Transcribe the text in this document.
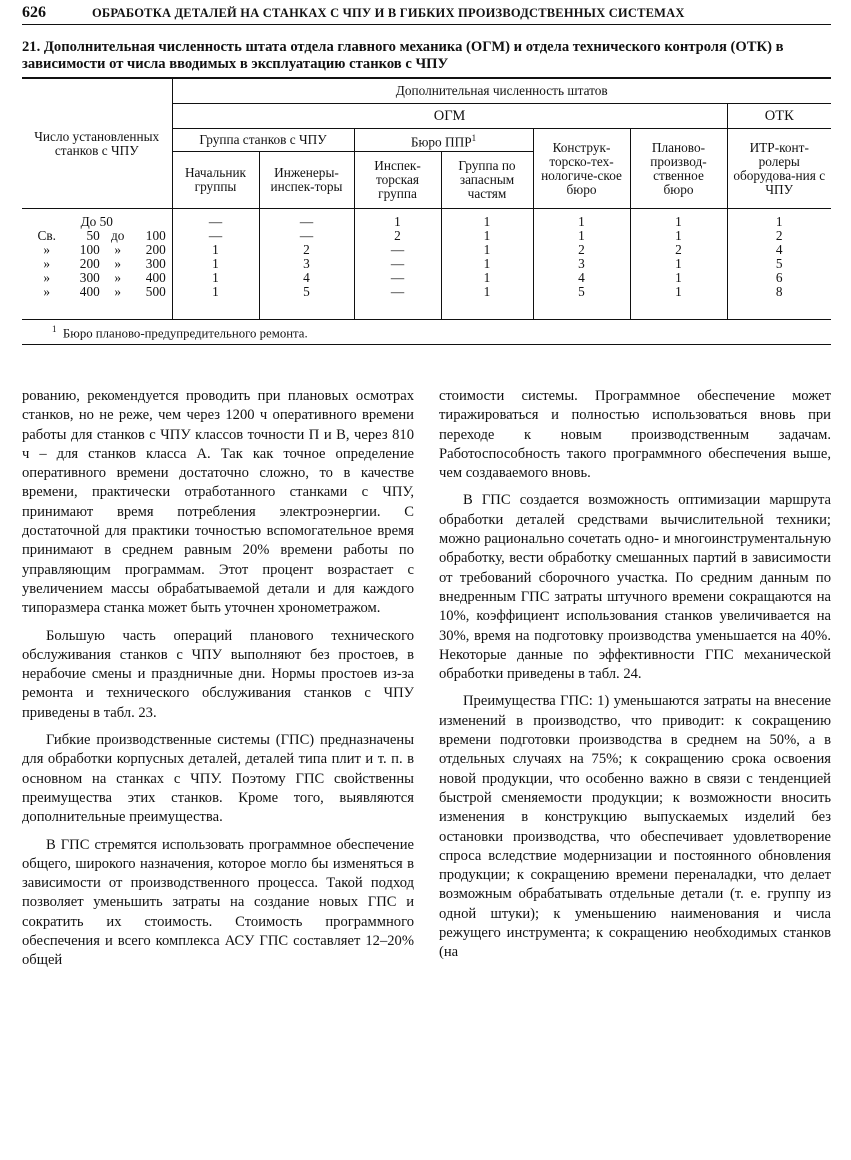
626	ОБРАБОТКА ДЕТАЛЕЙ НА СТАНКАХ С ЧПУ И В ГИБКИХ ПРОИЗВОДСТВЕННЫХ СИСТЕМАХ
21. Дополнительная численность штата отдела главного механика (ОГМ) и отдела технического контроля (ОТК) в зависимости от числа вводимых в эксплуатацию станков с ЧПУ
Число установленных станков с ЧПУ	Дополнительная численность штатов						
	ОГМ						ОТК
	Группа станков с ЧПУ		Бюро ППР$^1$		Конструк-торско-тех-нологиче-ское бюро	Планово-производ-ственное бюро	ИТР-конт-ролеры оборудова-ния с ЧПУ
	Начальник группы	Инженеры-инспек-торы	Инспек-торская группа	Группа по запасным частям			
До 50	—	—	1	1	1	1	1
Св. 50 до 100	—	—	2	1	1	1	2
» 100 » 200	1	2	—	1	2	2	4
» 200 » 300	1	3	—	1	3	1	5
» 300 » 400	1	4	—	1	4	1	6
» 400 » 500	1	5	—	1	5	1	8

$^1$ Бюро планово-предупредительного ремонта.

рованию, рекомендуется проводить при плановых осмотрах станков, но не реже, чем через 1200 ч оперативного времени работы для станков с ЧПУ классов точности П и В, через 810 ч – для станков класса А. Так как точное определение оперативного времени достаточно сложно, то в качестве времени, практически отработанного станками с ЧПУ, принимают время потребления электроэнергии. С достаточной для практики точностью вспомогательное время принимают в среднем равным 20% времени работы по управляющим программам. Этот процент возрастает с увеличением массы обрабатываемой детали и для каждого типоразмера станка может быть уточнен хронометражом.

Большую часть операций планового технического обслуживания станков с ЧПУ выполняют без простоев, в нерабочие смены и праздничные дни. Нормы простоев из-за ремонта и технического обслуживания станков с ЧПУ приведены в табл. 23.

Гибкие производственные системы (ГПС) предназначены для обработки корпусных деталей, деталей типа плит и т. п. в основном на станках с ЧПУ. Поэтому ГПС свойственны преимущества этих станков. Кроме того, выявляются дополнительные преимущества.

В ГПС стремятся использовать программное обеспечение общего, широкого назначения, которое могло бы изменяться в зависимости от производственного процесса. Такой подход позволяет уменьшить затраты на создание новых ГПС и сократить их стоимость. Стоимость программного обеспечения и всего комплекса АСУ ГПС составляет 12–20% общей

стоимости системы. Программное обеспечение может тиражироваться и полностью использоваться вновь при переходе к новым производственным задачам. Работоспособность такого программного обеспечения выше, чем создаваемого вновь.

В ГПС создается возможность оптимизации маршрута обработки деталей средствами вычислительной техники; можно рационально сочетать одно- и многоинструментальную обработку, вести обработку смешанных партий в зависимости от требований сборочного участка. По средним данным по внедренным ГПС затраты штучного времени сокращаются на 10%, коэффициент использования станков увеличивается на 30%, время на подготовку производства уменьшается на 40%. Некоторые данные по эффективности ГПС механической обработки приведены в табл. 24.

Преимущества ГПС: 1) уменьшаются затраты на внесение изменений в производство, что приводит: к сокращению времени подготовки производства в среднем на 50%, а в отдельных случаях на 75%; к сокращению срока освоения новой продукции, что особенно важно в связи с тенденцией быстрой сменяемости продукции; к возможности вносить изменения в конструкцию выпускаемых изделий без остановки производства, что обеспечивает удовлетворение спроса вследствие модернизации и постоянного обновления продукции; к сокращению времени переналадки, что делает возможным обрабатывать отдельные детали (т. е. группу из одной штуки); к уменьшению наименования и числа режущего инструмента; к сокращению необходимых станков (на
